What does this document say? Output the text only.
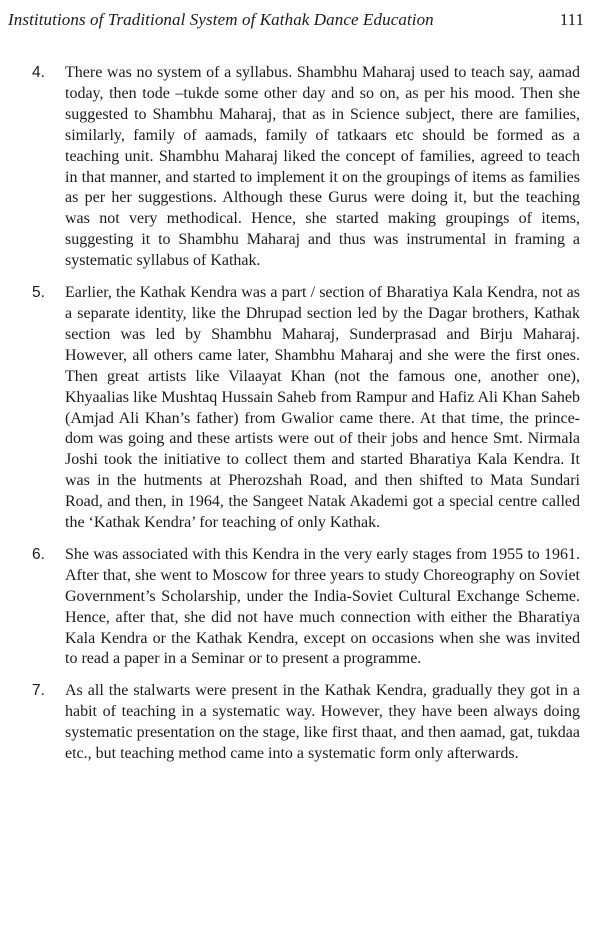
Institutions of Traditional System of Kathak Dance Education	111
4.	There was no system of a syllabus. Shambhu Maharaj used to teach say, aamad today, then tode –tukde some other day and so on, as per his mood. Then she suggested to Shambhu Maharaj, that as in Science subject, there are families, similarly, family of aamads, family of tatkaars etc should be formed as a teaching unit. Shambhu Maharaj liked the concept of families, agreed to teach in that manner, and started to implement it on the groupings of items as families as per her suggestions. Although these Gurus were doing it, but the teaching was not very methodical. Hence, she started making groupings of items, suggesting it to Shambhu Maharaj and thus was instrumental in framing a systematic syllabus of Kathak.

5.	Earlier, the Kathak Kendra was a part / section of Bharatiya Kala Kendra, not as a separate identity, like the Dhrupad section led by the Dagar brothers, Kathak section was led by Shambhu Maharaj, Sunderprasad and Birju Maharaj. However, all others came later, Shambhu Maharaj and she were the first ones. Then great artists like Vilaayat Khan (not the famous one, another one), Khyaalias like Mushtaq Hussain Saheb from Rampur and Hafiz Ali Khan Saheb (Amjad Ali Khan’s father) from Gwalior came there. At that time, the prince-dom was going and these artists were out of their jobs and hence Smt. Nirmala Joshi took the initiative to collect them and started Bharatiya Kala Kendra. It was in the hutments at Pherozshah Road, and then shifted to Mata Sundari Road, and then, in 1964, the Sangeet Natak Akademi got a special centre called the ‘Kathak Kendra’ for teaching of only Kathak.

6.	She was associated with this Kendra in the very early stages from 1955 to 1961. After that, she went to Moscow for three years to study Choreography on Soviet Government’s Scholarship, under the India-Soviet Cultural Exchange Scheme. Hence, after that, she did not have much connection with either the Bharatiya Kala Kendra or the Kathak Kendra, except on occasions when she was invited to read a paper in a Seminar or to present a programme.

7.	As all the stalwarts were present in the Kathak Kendra, gradually they got in a habit of teaching in a systematic way. However, they have been always doing systematic presentation on the stage, like first thaat, and then aamad, gat, tukdaa etc., but teaching method came into a systematic form only afterwards.
